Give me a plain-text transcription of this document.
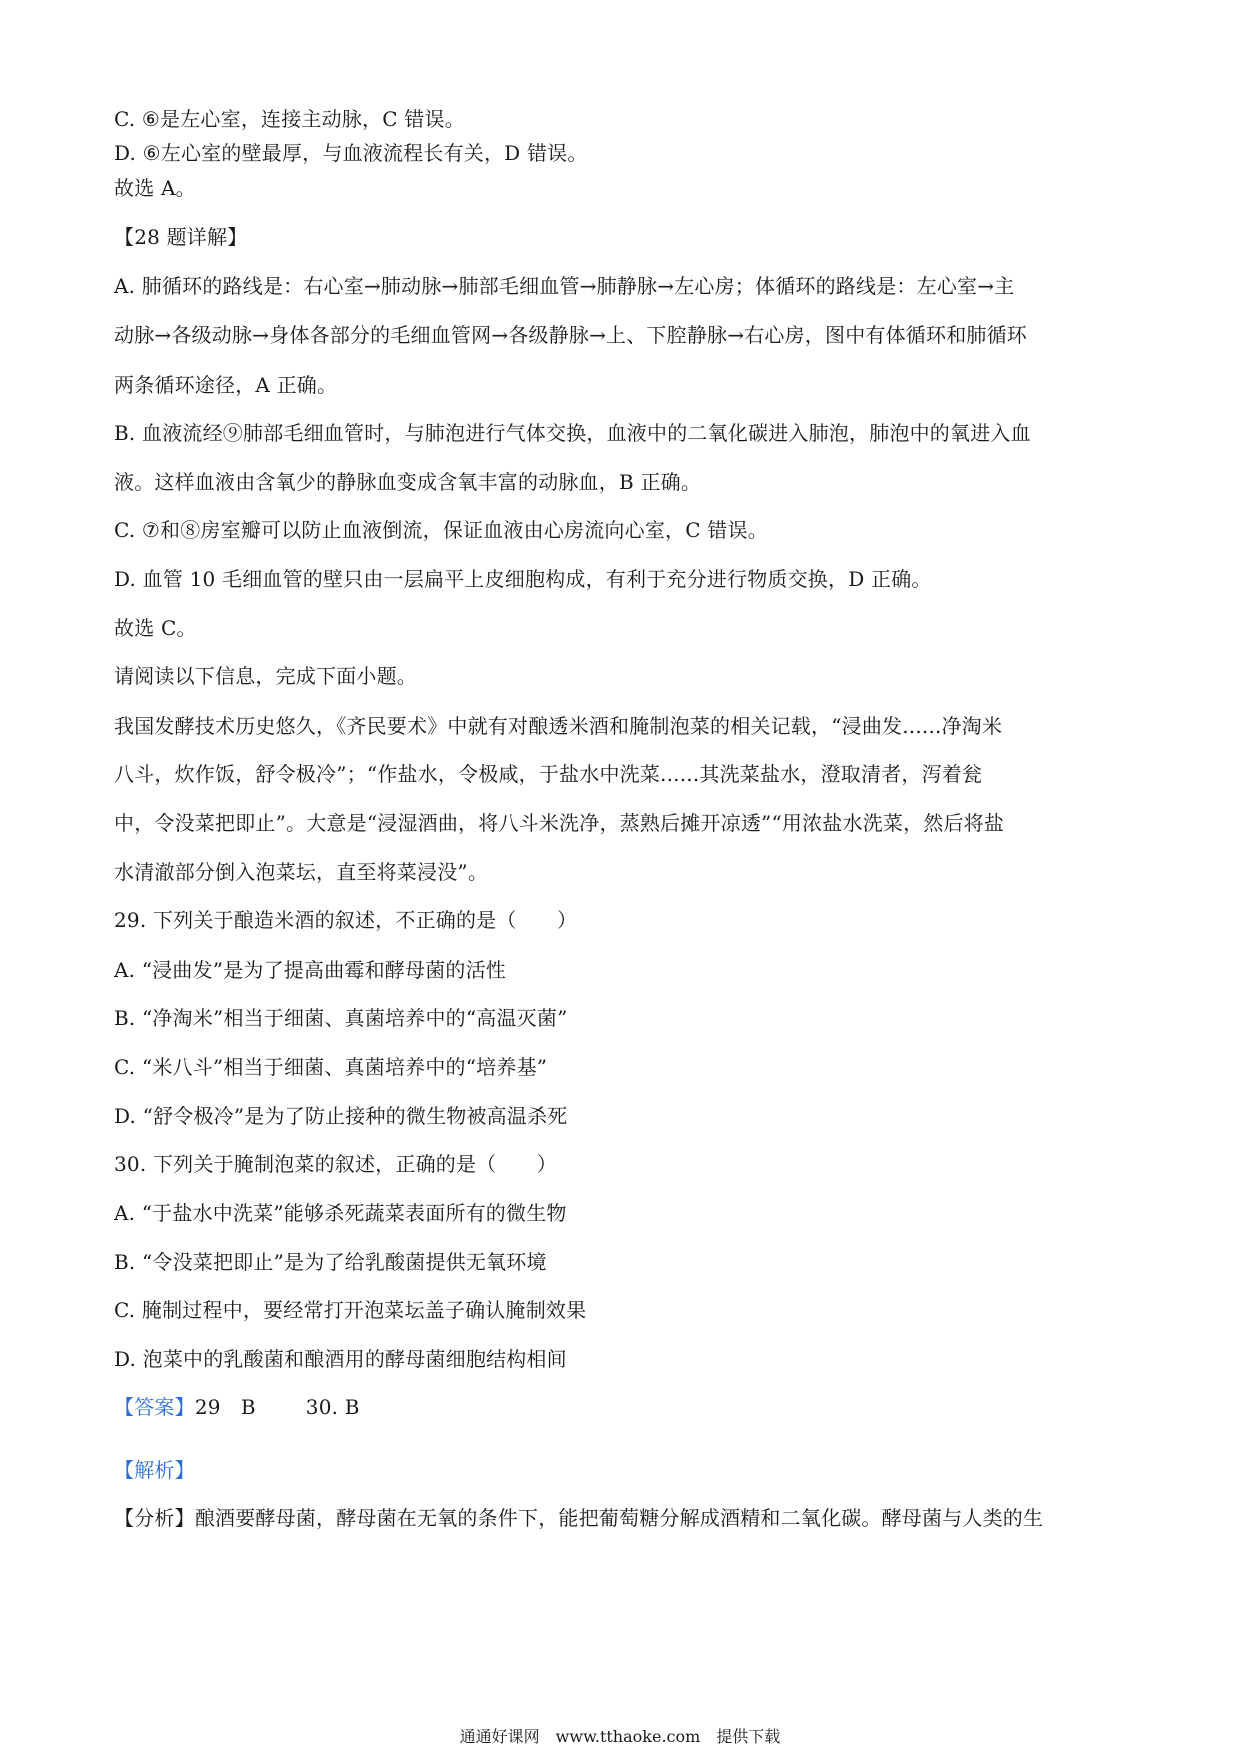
C. ⑥是左心室，连接主动脉，C 错误。
D. ⑥左心室的壁最厚，与血液流程长有关，D 错误。
故选 A。
【28 题详解】
A. 肺循环的路线是：右心室→肺动脉→肺部毛细血管→肺静脉→左心房；体循环的路线是：左心室→主
动脉→各级动脉→身体各部分的毛细血管网→各级静脉→上、下腔静脉→右心房，图中有体循环和肺循环
两条循环途径，A 正确。
B. 血液流经⑨肺部毛细血管时，与肺泡进行气体交换，血液中的二氧化碳进入肺泡，肺泡中的氧进入血
液。这样血液由含氧少的静脉血变成含氧丰富的动脉血，B 正确。
C. ⑦和⑧房室瓣可以防止血液倒流，保证血液由心房流向心室，C 错误。
D. 血管 10 毛细血管的壁只由一层扁平上皮细胞构成，有利于充分进行物质交换，D 正确。
故选 C。
请阅读以下信息，完成下面小题。
我国发酵技术历史悠久，《齐民要术》中就有对酿透米酒和腌制泡菜的相关记载，“浸曲发......净淘米
八斗，炊作饭，舒令极冷”；“作盐水，令极咸，于盐水中洗菜......其洗菜盐水，澄取清者，泻着瓮
中，令没菜把即止”。大意是“浸湿酒曲，将八斗米洗净，蒸熟后摊开凉透”“用浓盐水洗菜，然后将盐
水清澈部分倒入泡菜坛，直至将菜浸没”。
29. 下列关于酿造米酒的叙述，不正确的是（　　）
A. “浸曲发”是为了提高曲霉和酵母菌的活性
B. “净淘米”相当于细菌、真菌培养中的“高温灭菌”
C. “米八斗”相当于细菌、真菌培养中的“培养基”
D. “舒令极冷”是为了防止接种的微生物被高温杀死
30. 下列关于腌制泡菜的叙述，正确的是（　　）
A. “于盐水中洗菜”能够杀死蔬菜表面所有的微生物
B. “令没菜把即止”是为了给乳酸菌提供无氧环境
C. 腌制过程中，要经常打开泡菜坛盖子确认腌制效果
D. 泡菜中的乳酸菌和酿酒用的酵母菌细胞结构相间
【答案】29　B	30. B
【解析】
【分析】酿酒要酵母菌，酵母菌在无氧的条件下，能把葡萄糖分解成酒精和二氧化碳。酵母菌与人类的生
通通好课网　www.tthaoke.com　提供下载
